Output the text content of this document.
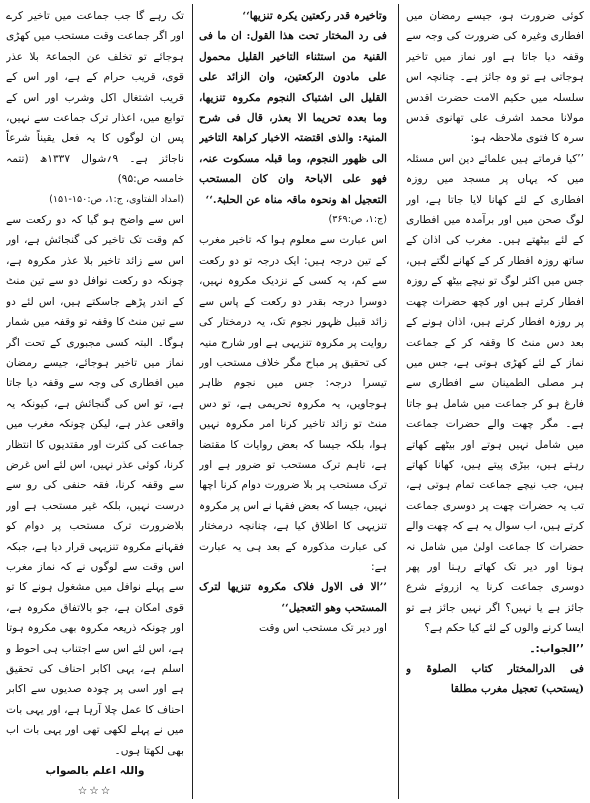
کوئی ضرورت ہو، جیسے رمضان میں افطاری وغیرہ کی ضرورت کی وجہ سے وقفہ دیا جاتا ہے اور نماز میں تاخیر ہوجاتی ہے تو وہ جائز ہے۔ چنانچہ اس سلسلہ میں حکیم الامت حضرت اقدس مولانا محمد اشرف علی تھانوی قدس سرہ کا فتوی ملاحظہ ہو:

’’کیا فرماتے ہیں علمائے دین اس مسئلہ میں کہ یہاں پر مسجد میں روزہ افطاری کے لئے کھانا لایا جاتا ہے، اور لوگ صحن میں اور برآمدہ میں افطاری کے لئے بیٹھتے ہیں۔ مغرب کی اذان کے ساتھ روزہ افطار کر کے کھانے لگتے ہیں، جس میں اکثر لوگ تو نیچے بیٹھ کے روزہ افطار کرتے ہیں اور کچھ حضرات چھت پر روزہ افطار کرتے ہیں، اذان ہونے کے بعد دس منٹ کا وقفہ کر کے جماعت نماز کے لئے کھڑی ہوتی ہے، جس میں ہر مصلی الطمینان سے افطاری سے فارغ ہو کر جماعت میں شامل ہو جاتا ہے۔ مگر چھت والے حضرات جماعت میں شامل نہیں ہوتے اور بیٹھے کھاتے رہتے ہیں، بیڑی پیتے ہیں، کھانا کھاتے ہیں، جب نیچے جماعت تمام ہوتی ہے، تب یہ حضرات چھت پر دوسری جماعت کرتے ہیں، اب سوال یہ ہے کہ چھت والے حضرات کا جماعت اولیٰ میں شامل نہ ہونا اور دیر تک کھاتے رہنا اور پھر دوسری جماعت کرنا یہ ازروئے شرع جائز ہے یا نہیں؟ اگر نہیں جائز ہے تو ایسا کرنے والوں کے لئے کیا حکم ہے؟

’’الجواب:۔

فی الدرالمختار کتاب الصلوۃ و (یستحب) تعجیل مغرب مطلقا

وتاخیرہ قدر رکعتین یکرہ تنزیھا‘‘

فی رد المختار تحت ھذا القول: ان ما فی القنیۃ من استثناء التاخیر القلیل محمول علی مادون الرکعتین، وان الزائد علی القلیل الی اشتباک النجوم مکروہ تنزیھا، وما بعدہ تحریما الا بعذر، قال فی شرح المنیۃ: والذی اقتضتہ الاخبار کراھۃ التاخیر الی ظھور النجوم، وما قبلہ مسکوت عنہ، فھو علی الاباحۃ وان کان المستحب التعجیل اھ ونحوہ ماقہ مناہ عن الحلبۃ.‘‘

(ج:۱، ص:۳۶۹)

اس عبارت سے معلوم ہوا کہ تاخیر مغرب کے تین درجہ ہیں: ایک درجہ تو دو رکعت سے کم، یہ کسی کے نزدیک مکروہ نہیں، دوسرا درجہ بقدر دو رکعت کے پاس سے زائد قبیل ظہور نجوم تک، یہ درمختار کی روایت پر مکروہ تنزیہی ہے اور شارح منیہ کی تحقیق پر مباح مگر خلاف مستحب اور تیسرا درجہ: جس میں نجوم ظاہر ہوجاویں، یہ مکروہ تحریمی ہے، تو دس منٹ تو زائد تاخیر کرنا امر مکروہ نہیں ہوا، بلکہ جیسا کہ بعض روایات کا مقتضا ہے، تاہم ترک مستحب تو ضرور ہے اور ترک مستحب پر بلا ضرورت دوام کرنا اچھا نہیں، جیسا کہ بعض فقہا نے اس پر مکروہ تنزیہی کا اطلاق کیا ہے، چنانچہ درمختار کی عبارت مذکورہ کے بعد ہی یہ عبارت ہے:

’’الا فی الاول فلاک مکروہ تنزیھا لترک المستحب وھو التعجیل‘‘

اور دیر تک مستحب اس وقت

تک رہے گا جب جماعت میں تاخیر کرے اور اگر جماعت وقت مستحب میں کھڑی ہوجائے تو تخلف عن الجماعۃ بلا عذر قوی، قریب حرام کے ہے، اور اس کے قریب اشتغال اکل وشرب اور اس کے توابع میں، اعذار ترک جماعت سے نہیں، پس ان لوگوں کا یہ فعل یقیناً شرعاً ناجائز ہے۔ ۹؍شوال ۱۳۳۷ھ (تتمہ خامسہ ص:۹۵)

(امداد الفتاوی، ج:۱، ص:۱۵۰-۱۵۱)

اس سے واضح ہو گیا کہ دو رکعت سے کم وقت تک تاخیر کی گنجائش ہے، اور اس سے زائد تاخیر بلا عذر مکروہ ہے، چونکہ دو رکعت نوافل دو سے تین منٹ کے اندر پڑھے جاسکتے ہیں، اس لئے دو سے تین منٹ کا وقفہ تو وقفہ میں شمار ہوگا۔ البتہ کسی مجبوری کے تحت اگر نماز میں تاخیر ہوجائے، جیسے رمضان میں افطاری کی وجہ سے وقفہ دیا جاتا ہے، تو اس کی گنجائش ہے، کیونکہ یہ واقعی عذر ہے، لیکن چونکہ مغرب میں جماعت کی کثرت اور مقتدیوں کا انتظار کرنا، کوئی عذر نہیں، اس لئے اس غرض سے وقفہ کرنا، فقہ حنفی کی رو سے درست نہیں، بلکہ غیر مستحب ہے اور بلاضرورت ترک مستحب پر دوام کو فقہانے مکروہ تنزیہی قرار دیا ہے، جبکہ اس وقت سے لوگوں نے کہ نماز مغرب سے پہلے نوافل میں مشغول ہونے کا تو قوی امکان ہے، جو بالاتفاق مکروہ ہے، اور چونکہ ذریعہ مکروہ بھی مکروہ ہوتا ہے، اس لئے اس سے اجتناب ہی احوط و اسلم ہے، یہی اکابر احناف کی تحقیق ہے اور اسی پر چودہ صدیوں سے اکابر احناف کا عمل چلا آرہا ہے، اور یہی بات میں نے پہلے لکھی تھی اور یہی بات اب بھی لکھتا ہوں۔

واللہ اعلم بالصواب

☆☆☆
